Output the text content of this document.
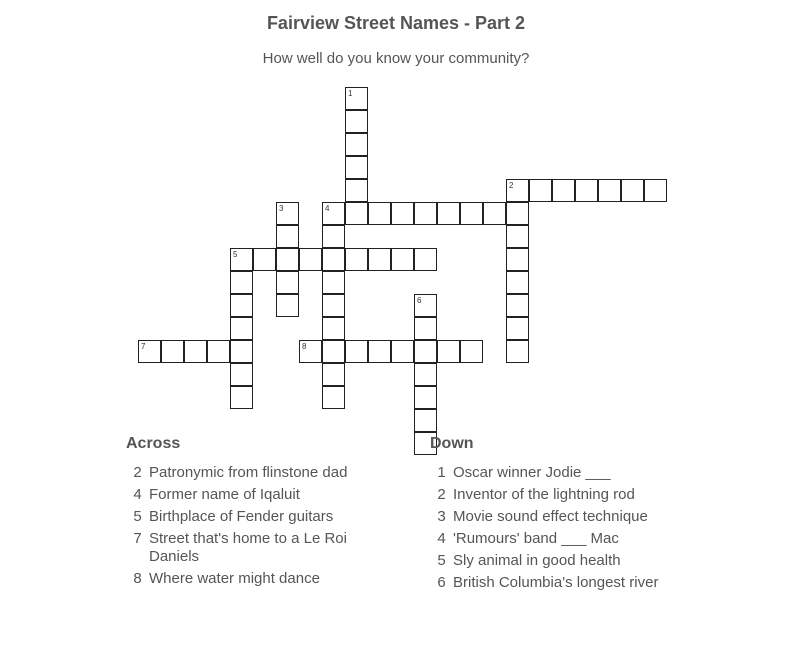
Fairview Street Names - Part 2
How well do you know your community?
1
2
3	4
5
6
7	8
Across
2 Patronymic from flinstone dad
4 Former name of Iqaluit
5 Birthplace of Fender guitars
7 Street that's home to a Le Roi Daniels
8 Where water might dance
Down
1 Oscar winner Jodie ___
2 Inventor of the lightning rod
3 Movie sound effect technique
4 'Rumours' band ___ Mac
5 Sly animal in good health
6 British Columbia's longest river
